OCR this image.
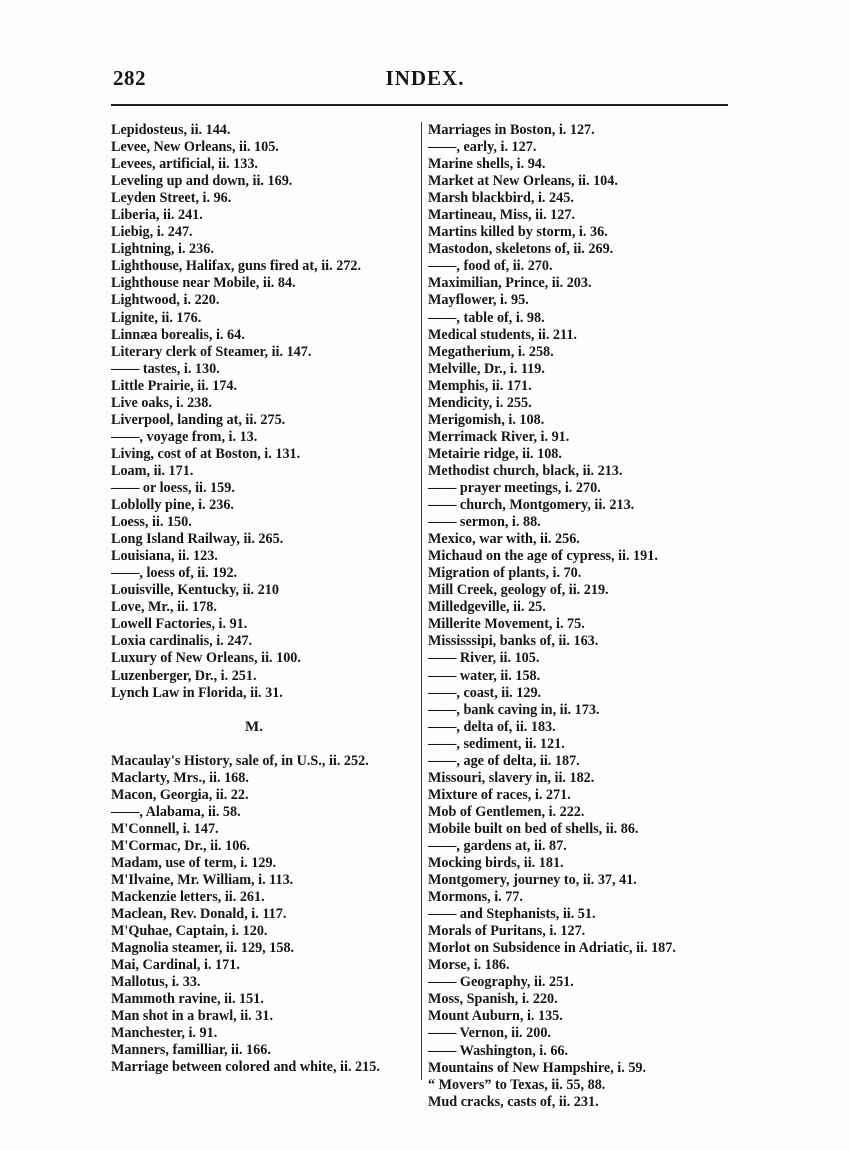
282	INDEX.
Lepidosteus, ii. 144.
Levee, New Orleans, ii. 105.
Levees, artificial, ii. 133.
Leveling up and down, ii. 169.
Leyden Street, i. 96.
Liberia, ii. 241.
Liebig, i. 247.
Lightning, i. 236.
Lighthouse, Halifax, guns fired at, ii. 272.
Lighthouse near Mobile, ii. 84.
Lightwood, i. 220.
Lignite, ii. 176.
Linnæa borealis, i. 64.
Literary clerk of Steamer, ii. 147.
—— tastes, i. 130.
Little Prairie, ii. 174.
Live oaks, i. 238.
Liverpool, landing at, ii. 275.
——, voyage from, i. 13.
Living, cost of at Boston, i. 131.
Loam, ii. 171.
—— or loess, ii. 159.
Loblolly pine, i. 236.
Loess, ii. 150.
Long Island Railway, ii. 265.
Louisiana, ii. 123.
——, loess of, ii. 192.
Louisville, Kentucky, ii. 210
Love, Mr., ii. 178.
Lowell Factories, i. 91.
Loxia cardinalis, i. 247.
Luxury of New Orleans, ii. 100.
Luzenberger, Dr., i. 251.
Lynch Law in Florida, ii. 31.
M.
Macaulay's History, sale of, in U.S., ii. 252.
Maclarty, Mrs., ii. 168.
Macon, Georgia, ii. 22.
——, Alabama, ii. 58.
M'Connell, i. 147.
M'Cormac, Dr., ii. 106.
Madam, use of term, i. 129.
M'Ilvaine, Mr. William, i. 113.
Mackenzie letters, ii. 261.
Maclean, Rev. Donald, i. 117.
M'Quhae, Captain, i. 120.
Magnolia steamer, ii. 129, 158.
Mai, Cardinal, i. 171.
Mallotus, i. 33.
Mammoth ravine, ii. 151.
Man shot in a brawl, ii. 31.
Manchester, i. 91.
Manners, familliar, ii. 166.
Marriage between colored and white, ii. 215.
Marriages in Boston, i. 127.
——, early, i. 127.
Marine shells, i. 94.
Market at New Orleans, ii. 104.
Marsh blackbird, i. 245.
Martineau, Miss, ii. 127.
Martins killed by storm, i. 36.
Mastodon, skeletons of, ii. 269.
——, food of, ii. 270.
Maximilian, Prince, ii. 203.
Mayflower, i. 95.
——, table of, i. 98.
Medical students, ii. 211.
Megatherium, i. 258.
Melville, Dr., i. 119.
Memphis, ii. 171.
Mendicity, i. 255.
Merigomish, i. 108.
Merrimack River, i. 91.
Metairie ridge, ii. 108.
Methodist church, black, ii. 213.
—— prayer meetings, i. 270.
—— church, Montgomery, ii. 213.
—— sermon, i. 88.
Mexico, war with, ii. 256.
Michaud on the age of cypress, ii. 191.
Migration of plants, i. 70.
Mill Creek, geology of, ii. 219.
Milledgeville, ii. 25.
Millerite Movement, i. 75.
Mississsipi, banks of, ii. 163.
—— River, ii. 105.
—— water, ii. 158.
——, coast, ii. 129.
——, bank caving in, ii. 173.
——, delta of, ii. 183.
——, sediment, ii. 121.
——, age of delta, ii. 187.
Missouri, slavery in, ii. 182.
Mixture of races, i. 271.
Mob of Gentlemen, i. 222.
Mobile built on bed of shells, ii. 86.
——, gardens at, ii. 87.
Mocking birds, ii. 181.
Montgomery, journey to, ii. 37, 41.
Mormons, i. 77.
—— and Stephanists, ii. 51.
Morals of Puritans, i. 127.
Morlot on Subsidence in Adriatic, ii. 187.
Morse, i. 186.
—— Geography, ii. 251.
Moss, Spanish, i. 220.
Mount Auburn, i. 135.
—— Vernon, ii. 200.
—— Washington, i. 66.
Mountains of New Hampshire, i. 59.
“ Movers” to Texas, ii. 55, 88.
Mud cracks, casts of, ii. 231.
